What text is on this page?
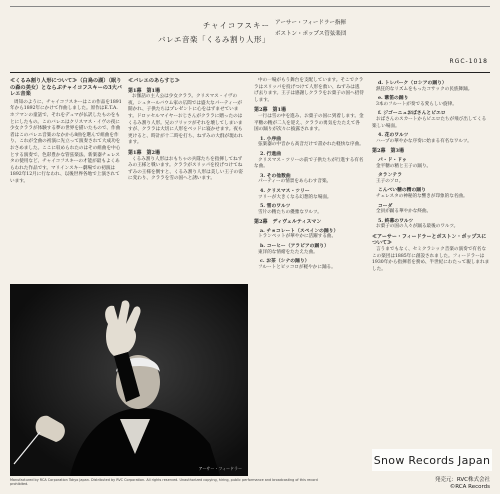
チャイコフスキー
バレエ音楽「くるみ割り人形」
アーサー・フィードラー指揮
ボストン・ポップス管弦楽団
RGC-1018
≪くるみ割り人形について≫（白鳥の湖）（眠りの森の美女）とならぶチャイコフスキーの3大バレエ音楽
周知のように、チャイコフスキーはこの作品を1891年から1892年にかけて作曲しました。原作はE.T.A.ホフマンの童話で、それをデュマが仏訳したものをもとにしたもの。このバレエはクリスマス・イヴの夜に少女クララが体験する夢の世界を描いたもので、作曲者はこのバレエ音楽のなかから8曲を選んで組曲を作り、これが全曲の初演に先立って演奏されて大成功をおさめました。ここに収められたのはその組曲を中心とする演奏で、色彩豊かな管弦楽法、新楽器チェレスタの使用など、チャイコフスキーの才能が最もよくあらわれた作品です。マリインスキー劇場での初演は1892年12月に行なわれ、以後世界各地で上演されています。
≪バレエのあらすじ≫
第1幕　第1場
お伽話の主人公は少女クララ。クリスマス・イヴの夜、シュタールバウム家の広間では盛大なパーティーが開かれ、子供たちはプレゼントに心をはずませています。ドロッセルマイヤーおじさんがクララに贈ったのはくるみ割り人形。兄のフリッツがそれを壊してしまいますが、クララは大切に人形をベッドに寝かせます。夜も更けると、時計が十二時を打ち、ねずみの大群が現われます。
第1幕　第2場
くるみ割り人形はおもちゃの兵隊たちを指揮してねずみの王様と戦います。クララがスリッパを投げつけてねずみの王様を倒すと、くるみ割り人形は美しい王子の姿に変わり、クララを雪の国へと誘います。
中の一場がもう舞台を支配しています。そこでクララはスリッパを投げつけて人形を救い、ねずみは逃げ去ります。王子は感謝しクララをお菓子の国へ招待します。
第2幕　第1場
一行は雪の中を進み、お菓子の国に到着します。金平糖の精が二人を迎え、クララの勇気をたたえて各国の踊りが次々に披露されます。
1. 小序曲
弦楽器の中音から高音だけで書かれた軽快な序曲。
2. 行進曲
クリスマス・ツリーの前で子供たちが行進する有名な曲。
3. その他数曲
パーティーの情景をあらわす音楽。
4. クリスマス・ツリー
ツリーが大きくなる幻想的な場面。
5. 雪のワルツ
雪片の精たちの優雅なワルツ。
第2幕　ディヴェルティスマン
a. チョコレート（スペインの踊り）
トランペットが華やかに活躍する曲。
b. コーヒー（アラビアの踊り）
東洋的な情緒をたたえた曲。
c. お茶（シナの踊り）
フルートとピッコロが軽やかに踊る。
d. トレパーク（ロシアの踊り）
熱狂的なリズムをもったコサックの民族舞踊。
e. 葦笛の踊り
3本のフルートが奏でる愛らしい旋律。
f. ジゴーニュおばさんとピエロ
おばさんのスカートからピエロたちが飛び出してくる楽しい場面。
4. 花のワルツ
ハープの華やかな序奏に始まる有名なワルツ。
第2幕　第3場
パ・ド・ドゥ
金平糖の精と王子の踊り。
タランテラ
王子のソロ。
こんぺい糖の精の踊り
チェレスタの神秘的な響きが印象的な名曲。
コーダ
全員が踊る華やかな終曲。
5. 終幕のワルツ
お菓子の国の人々が踊る最後のワルツ。
≪アーサー・フィードラーとボストン・ポップスについて≫
言うまでもなく、セミクラシック音楽の演奏で有名なこの楽団は1885年に創設されました。フィードラーは1930年から指揮者を務め、半世紀にわたって親しまれました。
アーサー・フィードラー
Manufactured by RCA Corporation Tokyo Japan. Distributed by RVC Corporation. All rights reserved. Unauthorized copying, hiring, public performance and broadcasting of this record prohibited.
発売元：RVC株式会社
©RCA Records
Snow Records Japan
